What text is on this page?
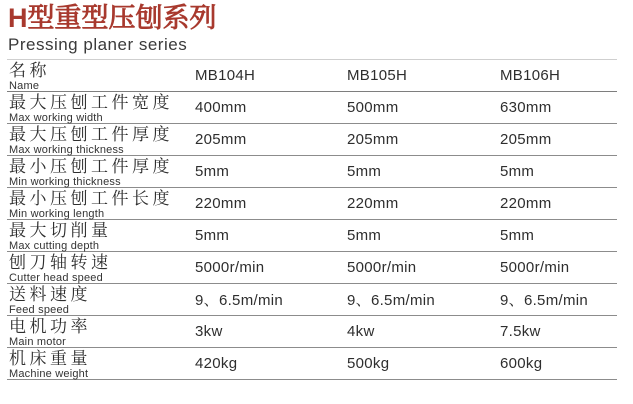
H型重型压刨系列
Pressing planer series
名称
Name
MB104H	MB105H	MB106H
最大压刨工件宽度
Max working width
400mm	500mm	630mm
最大压刨工件厚度
Max working thickness
205mm	205mm	205mm
最小压刨工件厚度
Min working thickness
5mm	5mm	5mm
最小压刨工件长度
Min working length
220mm	220mm	220mm
最大切削量
Max cutting depth
5mm	5mm	5mm
刨刀轴转速
Cutter head speed
5000r/min	5000r/min	5000r/min
送料速度
Feed speed
9、6.5m/min	9、6.5m/min	9、6.5m/min
电机功率
Main motor
3kw	4kw	7.5kw
机床重量
Machine weight
420kg	500kg	600kg
